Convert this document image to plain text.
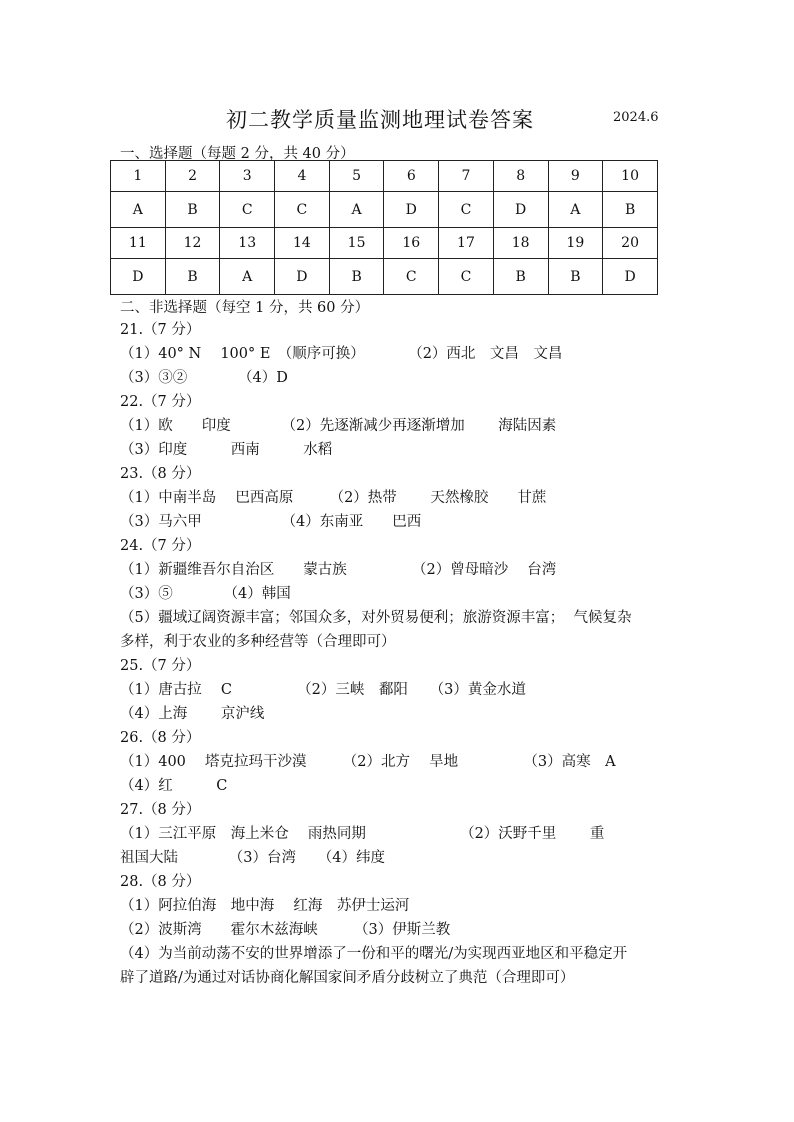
初二教学质量监测地理试卷答案	2024.6
一、选择题（每题 2 分，共 40 分）
1	2	3	4	5	6	7	8	9	10
A	B	C	C	A	D	C	D	A	B
11	12	13	14	15	16	17	18	19	20
D	B	A	D	B	C	C	B	B	D
二、非选择题（每空 1 分，共 60 分）
21.（7 分）
（1）40° N　 100° E　（顺序可换）　　　　（2）西北　文昌　文昌
（3）③②　　　　（4）D
22.（7 分）
（1）欧　　印度　　　　（2）先逐渐减少再逐渐增加　　 海陆因素
（3）印度　　　西南　　　水稻
23.（8 分）
（1）中南半岛　 巴西高原　　　（2）热带　　 天然橡胶　　甘蔗
（3）马六甲　　　　　　（4）东南亚　　巴西
24.（7 分）
（1）新疆维吾尔自治区　　蒙古族　　　　　（2）曾母暗沙　 台湾
（3）⑤　　　　（4）韩国
（5）疆域辽阔资源丰富；邻国众多，对外贸易便利；旅游资源丰富；  气候复杂
多样，利于农业的多种经营等（合理即可）
25.（7 分）
（1）唐古拉　 C　　　　　（2）三峡　鄱阳　　（3）黄金水道
（4）上海　　 京沪线
26.（8 分）
（1）400　 塔克拉玛干沙漠　　　（2）北方　 旱地　　　　　（3）高寒　A
（4）红　　　C
27.（8 分）
（1）三江平原　海上米仓　 雨热同期　　　　　　　（2）沃野千里　　 重
祖国大陆　　　　（3）台湾　　（4）纬度
28.（8 分）
（1）阿拉伯海　地中海　 红海　苏伊士运河
（2）波斯湾　　霍尔木兹海峡　　　（3）伊斯兰教
（4）为当前动荡不安的世界增添了一份和平的曙光/为实现西亚地区和平稳定开
辟了道路/为通过对话协商化解国家间矛盾分歧树立了典范（合理即可）
